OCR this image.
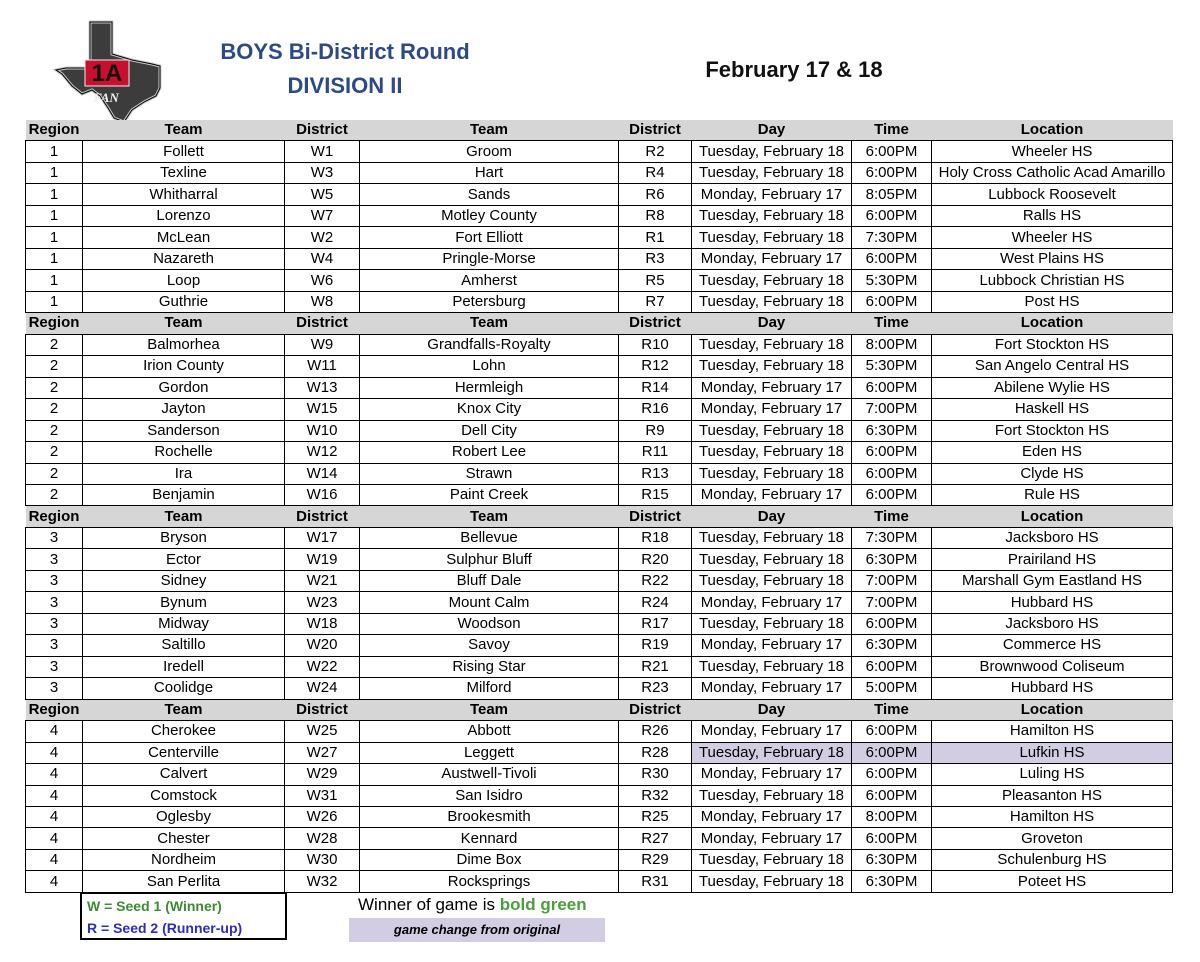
1A
FAN
BOYS Bi-District Round
DIVISION II
February 17 & 18
Region	Team	District	Team	District	Day	Time	Location
1	Follett	W1	Groom	R2	Tuesday, February 18	6:00PM	Wheeler HS
1	Texline	W3	Hart	R4	Tuesday, February 18	6:00PM	Holy Cross Catholic Acad Amarillo
1	Whitharral	W5	Sands	R6	Monday, February 17	8:05PM	Lubbock Roosevelt
1	Lorenzo	W7	Motley County	R8	Tuesday, February 18	6:00PM	Ralls HS
1	McLean	W2	Fort Elliott	R1	Tuesday, February 18	7:30PM	Wheeler HS
1	Nazareth	W4	Pringle-Morse	R3	Monday, February 17	6:00PM	West Plains HS
1	Loop	W6	Amherst	R5	Tuesday, February 18	5:30PM	Lubbock Christian HS
1	Guthrie	W8	Petersburg	R7	Tuesday, February 18	6:00PM	Post HS
Region	Team	District	Team	District	Day	Time	Location
2	Balmorhea	W9	Grandfalls-Royalty	R10	Tuesday, February 18	8:00PM	Fort Stockton HS
2	Irion County	W11	Lohn	R12	Tuesday, February 18	5:30PM	San Angelo Central HS
2	Gordon	W13	Hermleigh	R14	Monday, February 17	6:00PM	Abilene Wylie HS
2	Jayton	W15	Knox City	R16	Monday, February 17	7:00PM	Haskell HS
2	Sanderson	W10	Dell City	R9	Tuesday, February 18	6:30PM	Fort Stockton HS
2	Rochelle	W12	Robert Lee	R11	Tuesday, February 18	6:00PM	Eden HS
2	Ira	W14	Strawn	R13	Tuesday, February 18	6:00PM	Clyde HS
2	Benjamin	W16	Paint Creek	R15	Monday, February 17	6:00PM	Rule HS
Region	Team	District	Team	District	Day	Time	Location
3	Bryson	W17	Bellevue	R18	Tuesday, February 18	7:30PM	Jacksboro HS
3	Ector	W19	Sulphur Bluff	R20	Tuesday, February 18	6:30PM	Prairiland HS
3	Sidney	W21	Bluff Dale	R22	Tuesday, February 18	7:00PM	Marshall Gym Eastland HS
3	Bynum	W23	Mount Calm	R24	Monday, February 17	7:00PM	Hubbard HS
3	Midway	W18	Woodson	R17	Tuesday, February 18	6:00PM	Jacksboro HS
3	Saltillo	W20	Savoy	R19	Monday, February 17	6:30PM	Commerce HS
3	Iredell	W22	Rising Star	R21	Tuesday, February 18	6:00PM	Brownwood Coliseum
3	Coolidge	W24	Milford	R23	Monday, February 17	5:00PM	Hubbard HS
Region	Team	District	Team	District	Day	Time	Location
4	Cherokee	W25	Abbott	R26	Monday, February 17	6:00PM	Hamilton HS
4	Centerville	W27	Leggett	R28	Tuesday, February 18	6:00PM	Lufkin HS
4	Calvert	W29	Austwell-Tivoli	R30	Monday, February 17	6:00PM	Luling HS
4	Comstock	W31	San Isidro	R32	Tuesday, February 18	6:00PM	Pleasanton HS
4	Oglesby	W26	Brookesmith	R25	Monday, February 17	8:00PM	Hamilton HS
4	Chester	W28	Kennard	R27	Monday, February 17	6:00PM	Groveton
4	Nordheim	W30	Dime Box	R29	Tuesday, February 18	6:30PM	Schulenburg HS
4	San Perlita	W32	Rocksprings	R31	Tuesday, February 18	6:30PM	Poteet HS
W = Seed 1 (Winner)
R = Seed 2 (Runner-up)
Winner of game is bold green
game change from original
